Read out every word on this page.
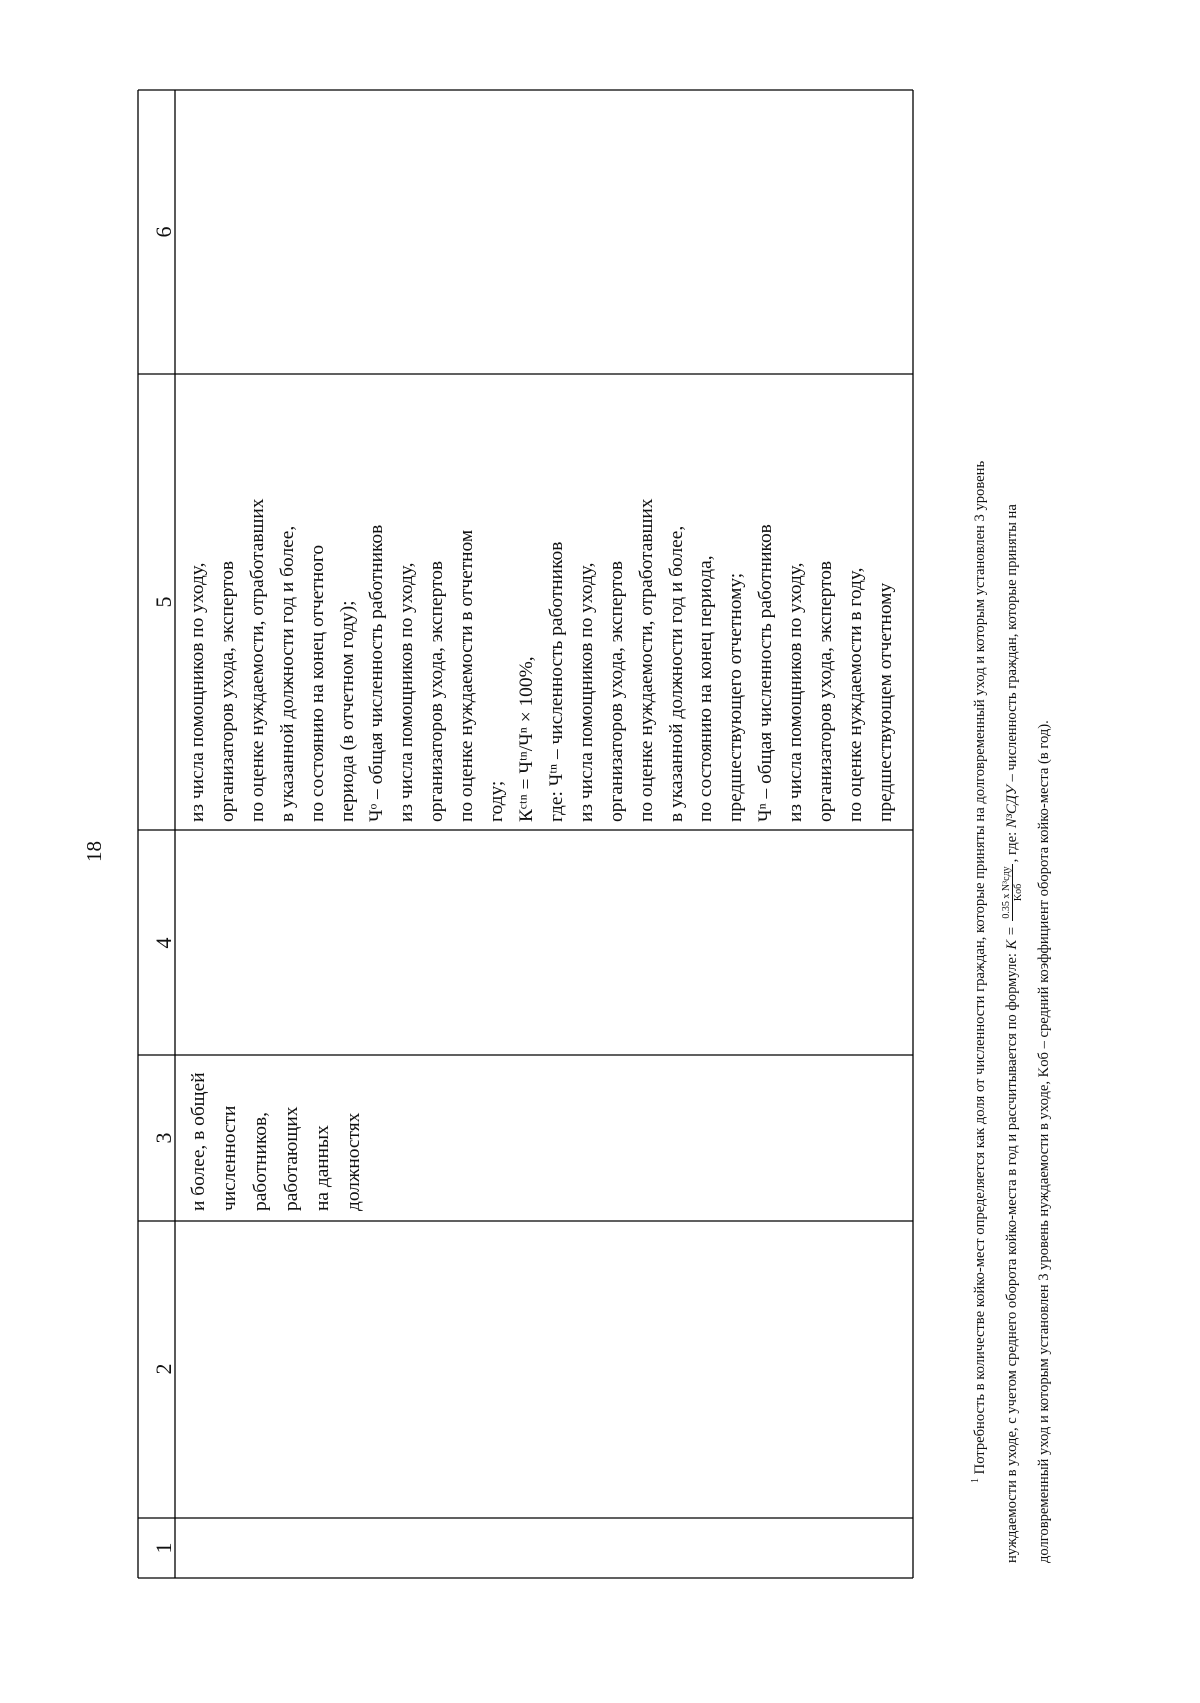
18
1
2
3
4
5
6
и более, в общей численности работников, работающих на данных должностях
из числа помощников по уходу, организаторов ухода, экспертов по оценке нуждаемости, отработавших в указанной должности год и более, по состоянию на конец отчетного периода (в отчетном году); Чᵒ – общая численность работников из числа помощников по уходу, организаторов ухода, экспертов по оценке нуждаемости в отчетном году; Кᶜᵗⁿ = Чᵗⁿ/Чⁿ × 100%, где: Чᵗⁿ – численность работников из числа помощников по уходу, организаторов ухода, экспертов по оценке нуждаемости, отработавших в указанной должности год и более, по состоянию на конец периода, предшествующего отчетному; Чⁿ – общая численность работников из числа помощников по уходу, организаторов ухода, экспертов по оценке нуждаемости в году, предшествующем отчетному
$^1$ Потребность в количестве койко-мест определяется как доля от численности граждан, которые приняты на долговременный уход и которым установлен 3 уровень	нуждаемости в уходе, с учетом среднего оборота койко-места в год и рассчитывается по формуле: K =
0.35 x N³сду Kоб
, где: N³СДУ – численность граждан, которые приняты на
долговременный уход и которым установлен 3 уровень нуждаемости в уходе, Kоб – средний коэффициент оборота койко-места (в год).
